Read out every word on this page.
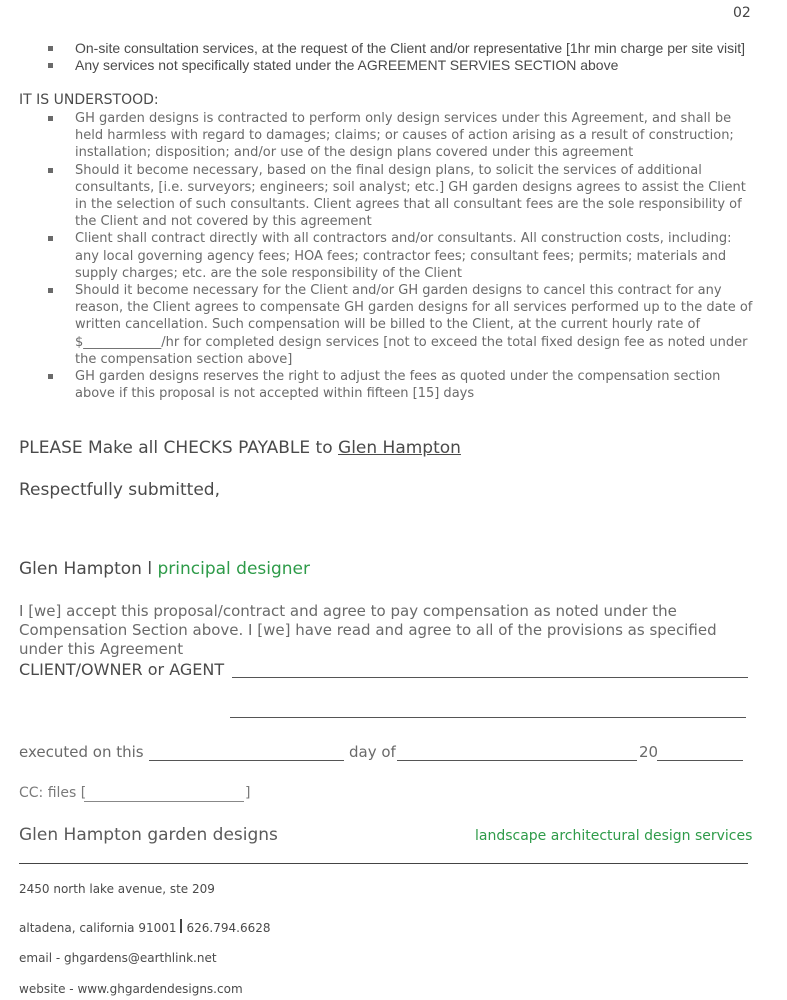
02
On-site consultation services, at the request of the Client and/or representative [1hr min charge per site visit]
Any services not specifically stated under the AGREEMENT SERVIES SECTION above
IT IS UNDERSTOOD:
GH garden designs is contracted to perform only design services under this Agreement, and shall be held harmless with regard to damages; claims; or causes of action arising as a result of construction; installation; disposition; and/or use of the design plans covered under this agreement
Should it become necessary, based on the final design plans, to solicit the services of additional consultants, [i.e. surveyors; engineers; soil analyst; etc.] GH garden designs agrees to assist the Client in the selection of such consultants. Client agrees that all consultant fees are the sole responsibility of the Client and not covered by this agreement
Client shall contract directly with all contractors and/or consultants. All construction costs, including: any local governing agency fees; HOA fees; contractor fees; consultant fees; permits; materials and supply charges; etc. are the sole responsibility of the Client
Should it become necessary for the Client and/or GH garden designs to cancel this contract for any reason, the Client agrees to compensate GH garden designs for all services performed up to the date of written cancellation. Such compensation will be billed to the Client, at the current hourly rate of $____________/hr for completed design services [not to exceed the total fixed design fee as noted under the compensation section above]
GH garden designs reserves the right to adjust the fees as quoted under the compensation section above if this proposal is not accepted within fifteen [15] days
PLEASE Make all CHECKS PAYABLE to Glen Hampton
Respectfully submitted,
Glen Hampton l principal designer
I [we] accept this proposal/contract and agree to pay compensation as noted under the Compensation Section above. I [we] have read and agree to all of the provisions as specified under this Agreement
CLIENT/OWNER or AGENT
executed on this	day of	20
CC: files [	]
Glen Hampton garden designs	landscape architectural design services
2450 north lake avenue, ste 209
altadena, california 91001 626.794.6628
email - ghgardens@earthlink.net
website - www.ghgardendesigns.com
